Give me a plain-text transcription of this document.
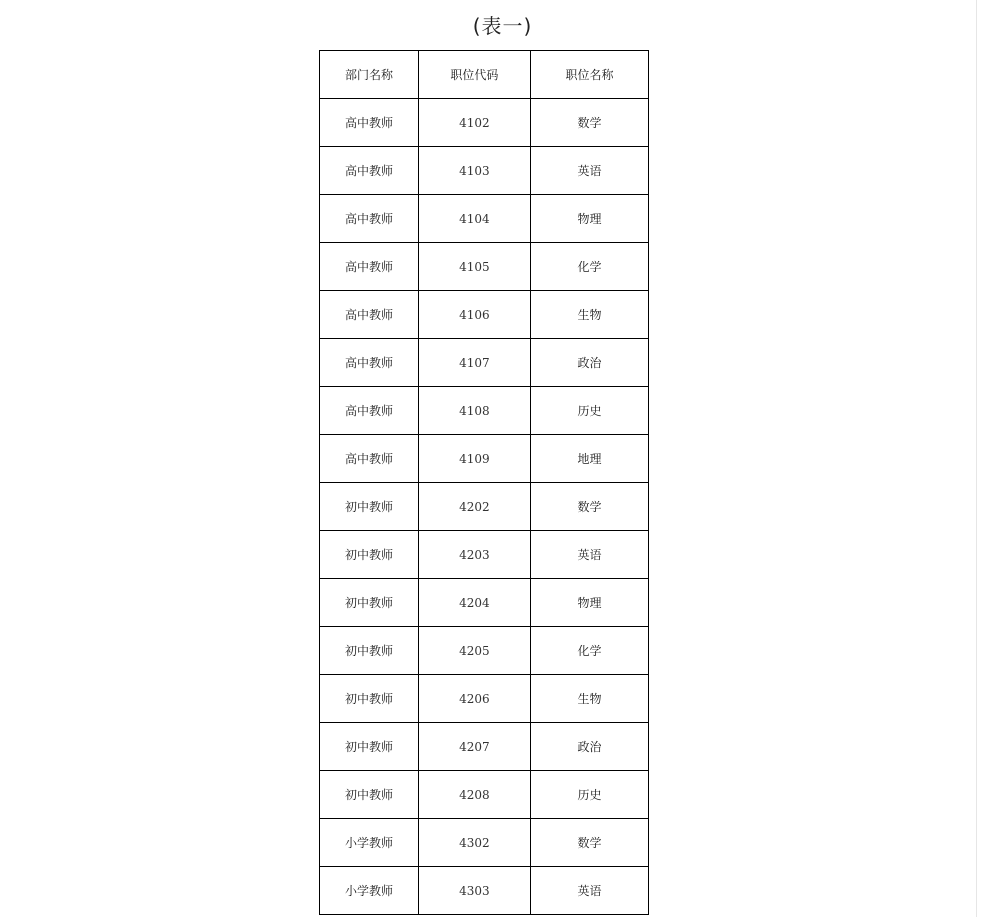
(表一)
部门名称	职位代码	职位名称
高中教师	4102	数学
高中教师	4103	英语
高中教师	4104	物理
高中教师	4105	化学
高中教师	4106	生物
高中教师	4107	政治
高中教师	4108	历史
高中教师	4109	地理
初中教师	4202	数学
初中教师	4203	英语
初中教师	4204	物理
初中教师	4205	化学
初中教师	4206	生物
初中教师	4207	政治
初中教师	4208	历史
小学教师	4302	数学
小学教师	4303	英语
